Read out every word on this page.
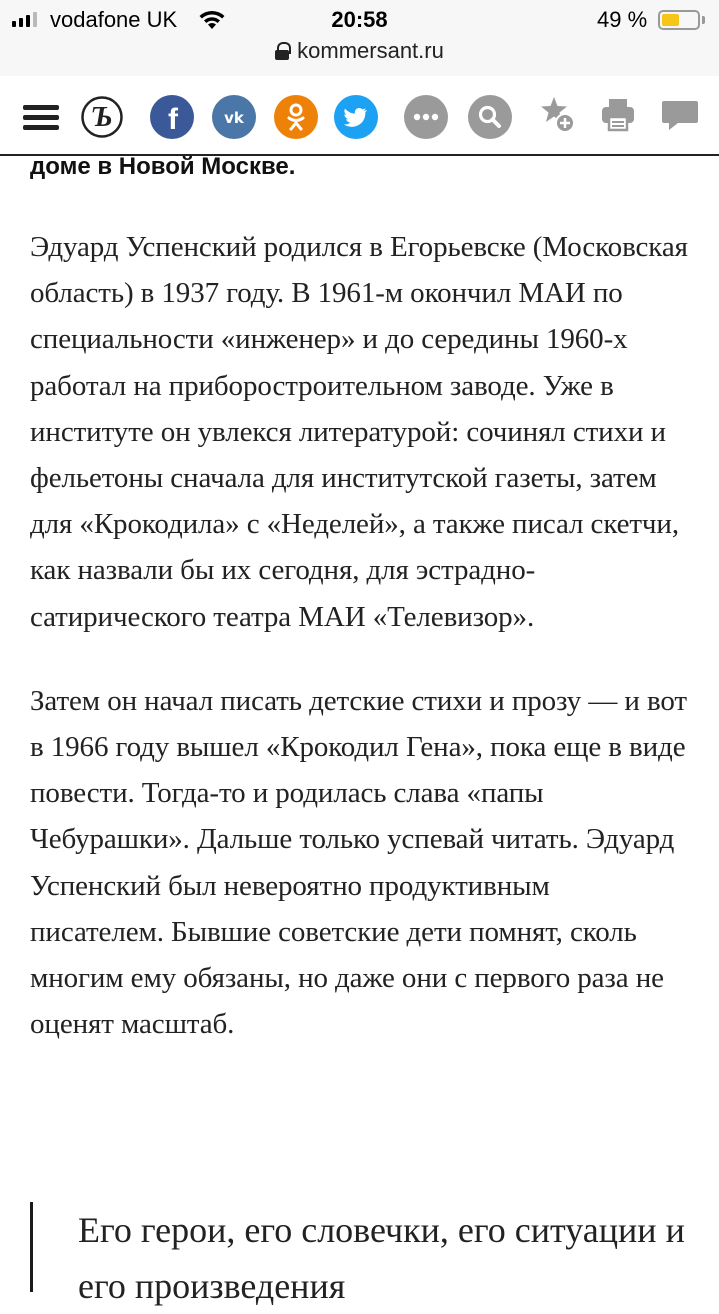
vodafone UK	20:58	49 %
kommersant.ru
Ъ f	vk

доме в Новой Москве.

Эдуард Успенский родился в Егорьевске (Московская область) в 1937 году. В 1961-м окончил МАИ по специальности «инженер» и до середины 1960-х работал на приборостроительном заводе. Уже в институте он увлекся литературой: сочинял стихи и фельетоны сначала для институтской газеты, затем для «Крокодила» с «Неделей», а также писал скетчи, как назвали бы их сегодня, для эстрадно-сатирического театра МАИ «Телевизор».

Затем он начал писать детские стихи и прозу — и вот в 1966 году вышел «Крокодил Гена», пока еще в виде повести. Тогда-то и родилась слава «папы Чебурашки». Дальше только успевай читать. Эдуард Успенский был невероятно продуктивным писателем. Бывшие советские дети помнят, сколь многим ему обязаны, но даже они с первого раза не оценят масштаб.

Его герои, его словечки, его ситуации и его произведения
